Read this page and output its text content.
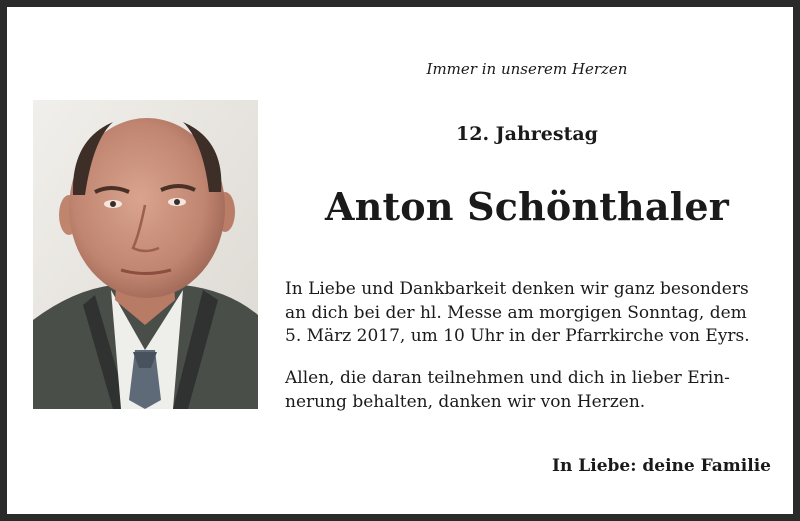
Immer in unserem Herzen
12. Jahrestag
Anton Schönthaler

In Liebe und Dankbarkeit denken wir ganz besonders
an dich bei der hl. Messe am morgigen Sonntag, dem
5. März 2017, um 10 Uhr in der Pfarrkirche von Eyrs.

Allen, die daran teilnehmen und dich in lieber Erin-
nerung behalten, danken wir von Herzen.

In Liebe: deine Familie
